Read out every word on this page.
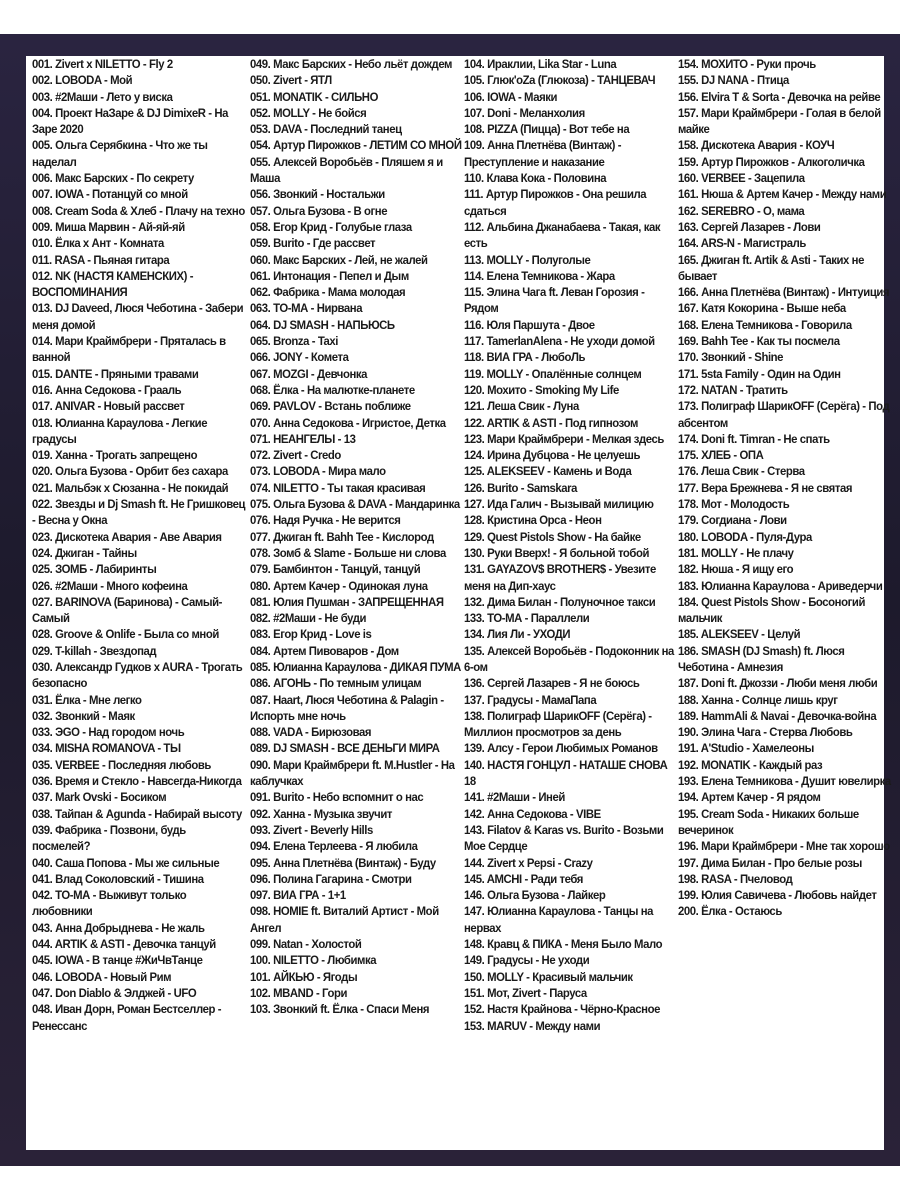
001. Zivert x NILETTO - Fly 2
002. LOBODA - Мой
003. #2Маши - Лето у виска
004. Проект НаЗаре & DJ DimixeR - На Заре 2020
005. Ольга Серябкина - Что же ты наделал
006. Макс Барских - По секрету
007. IOWA - Потанцуй со мной
008. Cream Soda & Хлеб - Плачу на техно
009. Миша Марвин - Ай-яй-яй
010. Ёлка x Ант - Комната
011. RASA - Пьяная гитара
012. NK (НАСТЯ КАМЕНСКИХ) - ВОСПОМИНАНИЯ
013. DJ Daveed, Люся Чеботина - Забери меня домой
014. Мари Краймбрери - Пряталась в ванной
015. DANTE - Пряными травами
016. Анна Седокова - Грааль
017. ANIVAR - Новый рассвет
018. Юлианна Караулова - Легкие градусы
019. Ханна - Трогать запрещено
020. Ольга Бузова - Орбит без сахара
021. Мальбэк x Сюзанна - Не покидай
022. Звезды и Dj Smash ft. Не Гришковец - Весна у Окна
023. Дискотека Авария - Аве Авария
024. Джиган - Тайны
025. ЗОМБ - Лабиринты
026. #2Маши - Много кофеина
027. BARINOVA (Баринова) - Самый-Самый
028. Groove & Onlife - Была со мной
029. T-killah - Звездопад
030. Александр Гудков x AURA - Трогать безопасно
031. Ёлка - Мне легко
032. Звонкий - Маяк
033. ЭGO - Над городом ночь
034. MISHA ROMANOVA - ТЫ
035. VERBEE - Последняя любовь
036. Время и Стекло - Навсегда-Никогда
037. Mark Ovski - Босиком
038. Тайпан & Agunda - Набирай высоту
039. Фабрика - Позвони, будь посмелей?
040. Саша Попова - Мы же сильные
041. Влад Соколовский - Тишина
042. ТО-МА - Выживут только любовники
043. Анна Добрыднева - Не жаль
044. ARTIK & ASTI - Девочка танцуй
045. IOWA - В танце #ЖиЧвТанце
046. LOBODA - Новый Рим
047. Don Diablo & Элджей - UFO
048. Иван Дорн, Роман Бестселлер - Ренессанс
049. Макс Барских - Небо льёт дождем
050. Zivert - ЯТЛ
051. MONATIK - СИЛЬНО
052. MOLLY - Не бойся
053. DAVA - Последний танец
054. Артур Пирожков - ЛЕТИМ СО МНОЙ
055. Алексей Воробьёв - Пляшем я и Маша
056. Звонкий - Ностальжи
057. Ольга Бузова - В огне
058. Егор Крид - Голубые глаза
059. Burito - Где рассвет
060. Макс Барских - Лей, не жалей
061. Интонация - Пепел и Дым
062. Фабрика - Мама молодая
063. ТО-МА - Нирвана
064. DJ SMASH - НАПЬЮСЬ
065. Bronza - Taxi
066. JONY - Комета
067. MOZGI - Девчонка
068. Ёлка - На малютке-планете
069. PAVLOV - Встань поближе
070. Анна Седокова - Игристое, Детка
071. НЕАНГЕЛЫ - 13
072. Zivert - Credo
073. LOBODA - Мира мало
074. NILETTO - Ты такая красивая
075. Ольга Бузова & DAVA - Мандаринка
076. Надя Ручка - Не верится
077. Джиган ft. Bahh Tee - Кислород
078. Зомб & Slame - Больше ни слова
079. Бамбинтон - Танцуй, танцуй
080. Артем Качер - Одинокая луна
081. Юлия Пушман - ЗАПРЕЩЕННАЯ
082. #2Маши - Не буди
083. Егор Крид - Love is
084. Артем Пивоваров - Дом
085. Юлианна Караулова - ДИКАЯ ПУМА
086. АГОНЬ - По темным улицам
087. Haart, Люся Чеботина & Palagin - Испорть мне ночь
088. VADA - Бирюзовая
089. DJ SMASH - ВСЕ ДЕНЬГИ МИРА
090. Мари Краймбрери ft. M.Hustler - На каблучках
091. Burito - Небо вспомнит о нас
092. Ханна - Музыка звучит
093. Zivert - Beverly Hills
094. Елена Терлеева - Я любила
095. Анна Плетнёва (Винтаж) - Буду
096. Полина Гагарина - Смотри
097. ВИА ГРА - 1+1
098. HOMIE ft. Виталий Артист - Мой Ангел
099. Natan - Холостой
100. NILETTO - Любимка
101. АЙКЬЮ - Ягоды
102. MBAND - Гори
103. Звонкий ft. Ёлка - Спаси Меня
104. Ираклии, Lika Star - Luna
105. Глюк'oZa (Глюкоза) - ТАНЦЕВАЧ
106. IOWA - Маяки
107. Doni - Меланхолия
108. PIZZA (Пицца) - Вот тебе на
109. Анна Плетнёва (Винтаж) - Преступление и наказание
110. Клава Кока - Половина
111. Артур Пирожков - Она решила сдаться
112. Альбина Джанабаева - Такая, как есть
113. MOLLY - Полуголые
114. Елена Темникова - Жара
115. Элина Чага ft. Леван Горозия - Рядом
116. Юля Паршута - Двое
117. TamerlanAlena - Не уходи домой
118. ВИА ГРА - ЛюбоЛь
119. MOLLY - Опалённые солнцем
120. Мохито - Smoking My Life
121. Леша Свик - Луна
122. ARTIK & ASTI - Под гипнозом
123. Мари Краймбрери - Мелкая здесь
124. Ирина Дубцова - Не целуешь
125. ALEKSEEV - Камень и Вода
126. Burito - Samskara
127. Ида Галич - Вызывай милицию
128. Кристина Орса - Неон
129. Quest Pistols Show - На байке
130. Руки Вверх! - Я больной тобой
131. GAYAZOV$ BROTHER$ - Увезите меня на Дип-хаус
132. Дима Билан - Полуночное такси
133. ТО-МА - Параллели
134. Лия Ли - УХОДИ
135. Алексей Воробьёв - Подоконник на 6-ом
136. Сергей Лазарев - Я не боюсь
137. Градусы - МамаПапа
138. Полиграф ШарикOFF (Серёга) - Миллион просмотров за день
139. Алсу - Герои Любимых Романов
140. НАСТЯ ГОНЦУЛ - НАТАШЕ СНОВА 18
141. #2Маши - Иней
142. Анна Седокова - VIBE
143. Filatov & Karas vs. Burito - Возьми Мое Сердце
144. Zivert x Pepsi - Crazy
145. AMCHI - Ради тебя
146. Ольга Бузова - Лайкер
147. Юлианна Караулова - Танцы на нервах
148. Кравц & ПИКА - Меня Было Мало
149. Градусы - Не уходи
150. MOLLY - Красивый мальчик
151. Мот, Zivert - Паруса
152. Настя Крайнова - Чёрно-Красное
153. MARUV - Между нами
154. МОХИТО - Руки прочь
155. DJ NANA - Птица
156. Elvira T & Sorta - Девочка на рейве
157. Мари Краймбрери - Голая в белой майке
158. Дискотека Авария - КОУЧ
159. Артур Пирожков - Алкоголичка
160. VERBEE - Зацепила
161. Нюша & Артем Качер - Между нами
162. SEREBRO - О, мама
163. Сергей Лазарев - Лови
164. ARS-N - Магистраль
165. Джиган ft. Artik & Asti - Таких не бывает
166. Анна Плетнёва (Винтаж) - Интуиция
167. Катя Кокорина - Выше неба
168. Елена Темникова - Говорила
169. Bahh Tee - Как ты посмела
170. Звонкий - Shine
171. 5sta Family - Один на Один
172. NATAN - Тратить
173. Полиграф ШарикOFF (Серёга) - Под абсентом
174. Doni ft. Timran - Не спать
175. ХЛЕБ - ОПА
176. Леша Свик - Стерва
177. Вера Брежнева - Я не святая
178. Мот - Молодость
179. Согдиана - Лови
180. LOBODA - Пуля-Дура
181. MOLLY - Не плачу
182. Нюша - Я ищу его
183. Юлианна Караулова - Ариведерчи
184. Quest Pistols Show - Босоногий мальчик
185. ALEKSEEV - Целуй
186. SMASH (DJ Smash) ft. Люся Чеботина - Амнезия
187. Doni ft. Джоззи - Люби меня люби
188. Ханна - Солнце лишь круг
189. HammAli & Navai - Девочка-война
190. Элина Чага - Стерва Любовь
191. A'Studio - Хамелеоны
192. MONATIK - Каждый раз
193. Елена Темникова - Душит ювелирка
194. Артем Качер - Я рядом
195. Cream Soda - Никаких больше вечеринок
196. Мари Краймбрери - Мне так хорошо
197. Дима Билан - Про белые розы
198. RASA - Пчеловод
199. Юлия Савичева - Любовь найдет
200. Ёлка - Остаюсь
